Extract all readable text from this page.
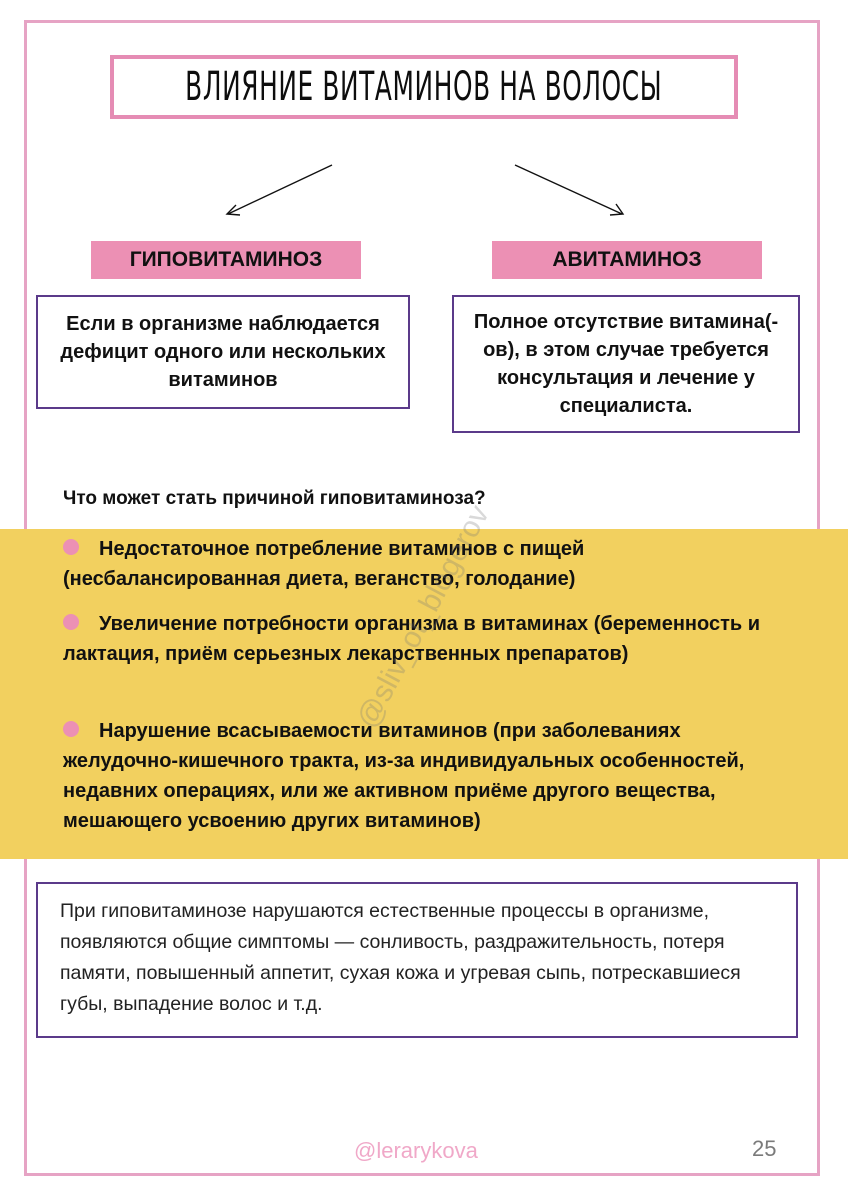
ВЛИЯНИЕ ВИТАМИНОВ НА ВОЛОСЫ
ГИПОВИТАМИНОЗ	АВИТАМИНОЗ
Если в организме наблюдается дефицит одного или нескольких витаминов
Полное отсутствие витамина(-ов), в этом случае требуется консультация и лечение у специалиста.
Что может стать причиной гиповитаминоза?
Недостаточное потребление витаминов с пищей (несбалансированная диета, веганство, голодание)
Увеличение потребности организма в витаминах (беременность и лактация, приём серьезных лекарственных препаратов)
Нарушение всасываемости витаминов (при заболеваниях желудочно-кишечного тракта, из-за индивидуальных особенностей, недавних операциях, или же активном приёме другого вещества, мешающего усвоению других витаминов)
@sliv_ot_blogerov
При гиповитаминозе нарушаются естественные процессы в организме, появляются общие симптомы — сонливость, раздражительность, потеря памяти, повышенный аппетит, сухая кожа и угревая сыпь, потрескавшиеся губы, выпадение волос и т.д.
@lerarykova	25
